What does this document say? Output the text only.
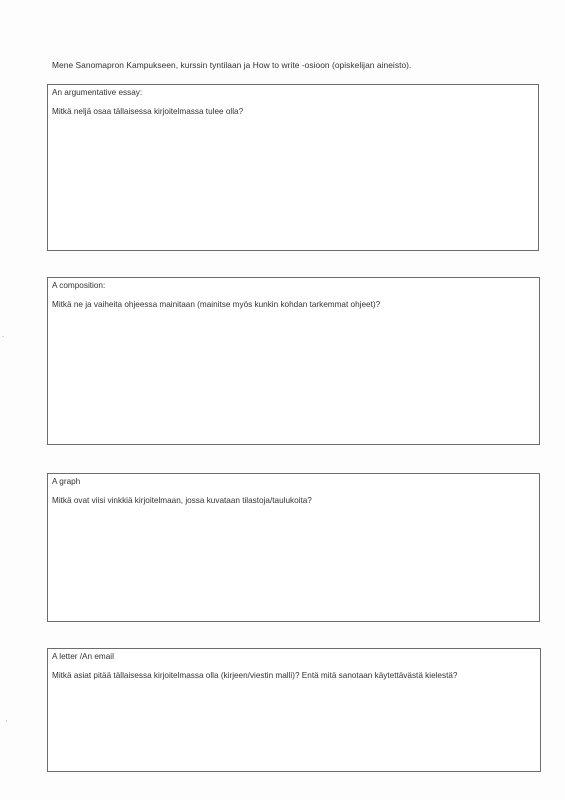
Mene Sanomapron Kampukseen, kurssin tyntilaan ja How to write -osioon (opiskelijan aineisto).
An argumentative essay:
Mitkä neljä osaa tällaisessa kirjoitelmassa tulee olla?
A composition:
Mitkä ne ja vaiheita ohjeessa mainitaan (mainitse myös kunkin kohdan tarkemmat ohjeet)?
A graph
Mitkä ovat viisi vinkkiä kirjoitelmaan, jossa kuvataan tilastoja/taulukoita?
A letter /An email
Mitkä asiat pitää tällaisessa kirjoitelmassa olla (kirjeen/viestin malli)? Entä mitä sanotaan käytettävästä kielestä?
